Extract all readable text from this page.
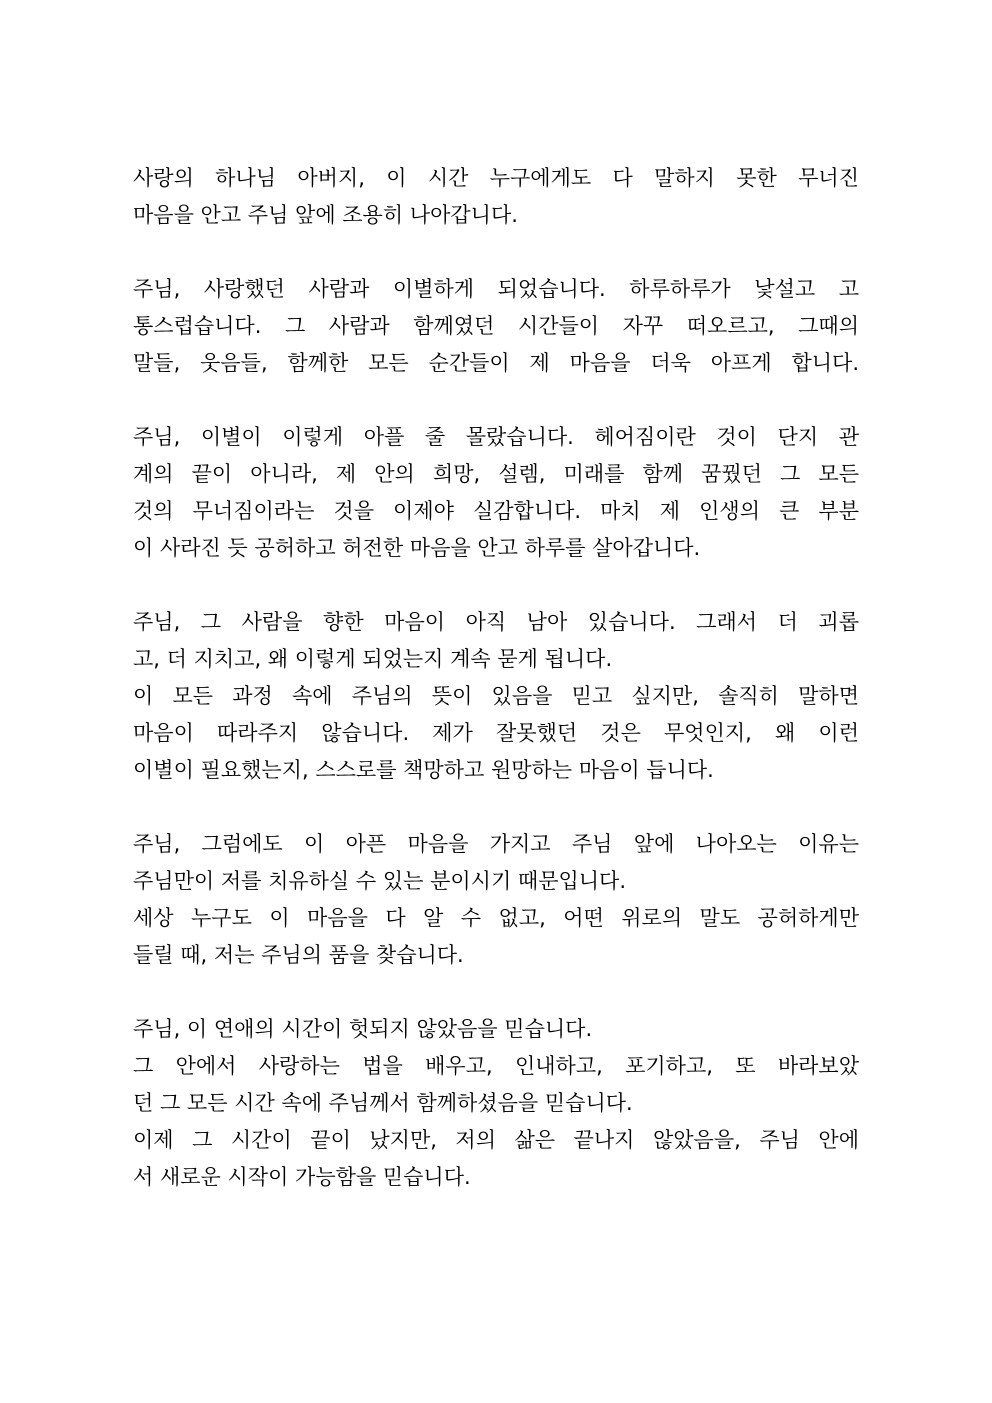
사랑의 하나님 아버지, 이 시간 누구에게도 다 말하지 못한 무너진
마음을 안고 주님 앞에 조용히 나아갑니다.
주님, 사랑했던 사람과 이별하게 되었습니다. 하루하루가 낯설고 고
통스럽습니다. 그 사람과 함께였던 시간들이 자꾸 떠오르고, 그때의
말들, 웃음들, 함께한 모든 순간들이 제 마음을 더욱 아프게 합니다.
주님, 이별이 이렇게 아플 줄 몰랐습니다. 헤어짐이란 것이 단지 관
계의 끝이 아니라, 제 안의 희망, 설렘, 미래를 함께 꿈꿨던 그 모든
것의 무너짐이라는 것을 이제야 실감합니다. 마치 제 인생의 큰 부분
이 사라진 듯 공허하고 허전한 마음을 안고 하루를 살아갑니다.
주님, 그 사람을 향한 마음이 아직 남아 있습니다. 그래서 더 괴롭
고, 더 지치고, 왜 이렇게 되었는지 계속 묻게 됩니다.
이 모든 과정 속에 주님의 뜻이 있음을 믿고 싶지만, 솔직히 말하면
마음이 따라주지 않습니다. 제가 잘못했던 것은 무엇인지, 왜 이런
이별이 필요했는지, 스스로를 책망하고 원망하는 마음이 듭니다.
주님, 그럼에도 이 아픈 마음을 가지고 주님 앞에 나아오는 이유는
주님만이 저를 치유하실 수 있는 분이시기 때문입니다.
세상 누구도 이 마음을 다 알 수 없고, 어떤 위로의 말도 공허하게만
들릴 때, 저는 주님의 품을 찾습니다.
주님, 이 연애의 시간이 헛되지 않았음을 믿습니다.
그 안에서 사랑하는 법을 배우고, 인내하고, 포기하고, 또 바라보았
던 그 모든 시간 속에 주님께서 함께하셨음을 믿습니다.
이제 그 시간이 끝이 났지만, 저의 삶은 끝나지 않았음을, 주님 안에
서 새로운 시작이 가능함을 믿습니다.
